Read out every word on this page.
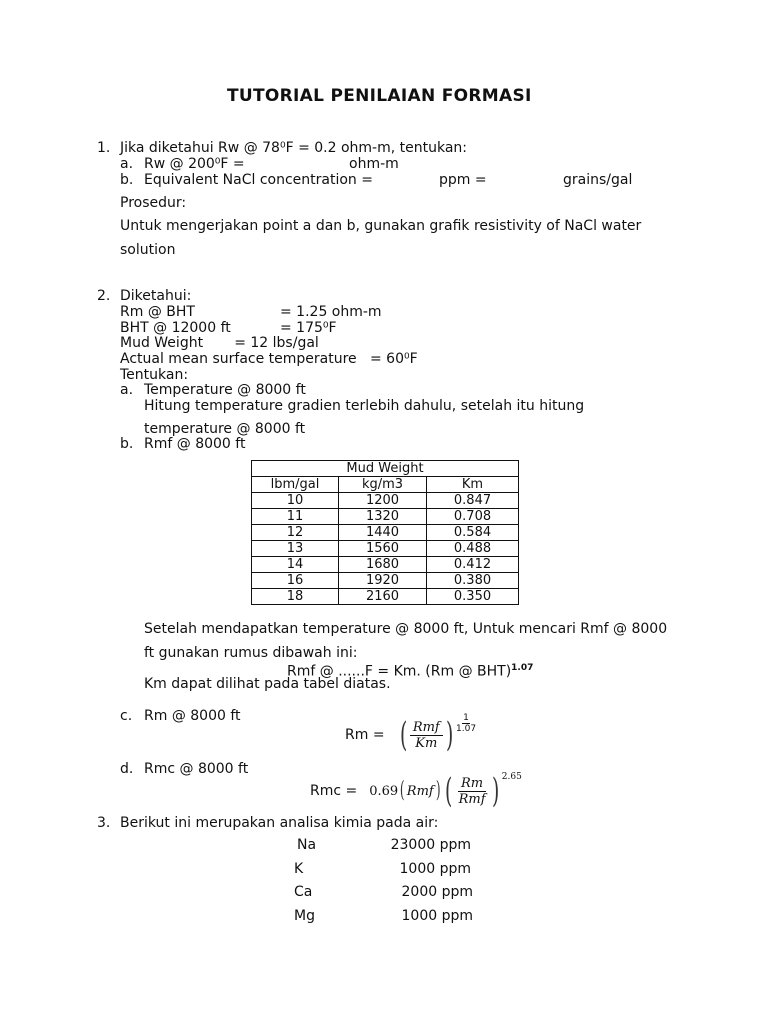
TUTORIAL PENILAIAN FORMASI
1. Jika diketahui Rw @ 78⁰F = 0.2 ohm-m, tentukan:
a. Rw @ 200⁰F =	ohm-m
b. Equivalent NaCl concentration =	ppm =	grains/gal
Prosedur:
Untuk mengerjakan point a dan b, gunakan grafik resistivity of NaCl water
solution
2. Diketahui:
Rm @ BHT	= 1.25 ohm-m
BHT @ 12000 ft	= 175⁰F
Mud Weight       = 12 lbs/gal
Actual mean surface temperature   = 60⁰F
Tentukan:
a. Temperature @ 8000 ft
Hitung temperature gradien terlebih dahulu, setelah itu hitung
temperature @ 8000 ft
b. Rmf @ 8000 ft
Mud Weight		
lbm/gal	kg/m3	Km
10	1200	0.847
11	1320	0.708
12	1440	0.584
13	1560	0.488
14	1680	0.412
16	1920	0.380
18	2160	0.350
Setelah mendapatkan temperature @ 8000 ft, Untuk mencari Rmf @ 8000
ft gunakan rumus dibawah ini:
Rmf @ ......F = Km. (Rm @ BHT)$^{1.07}$
Km dapat dilihat pada tabel diatas.
c. Rm @ 8000 ft
Rm = ( $\frac{\text{Rmf}}{Km}$ ) $\frac{1}{1.07}$
d. Rmc @ 8000 ft
Rmc = 0.69 ( Rmf ) ( $\frac{Rm}{\text{Rmf}}$ ) 2.65
3. Berikut ini merupakan analisa kimia pada air:
Na	23000 ppm
K	1000 ppm
Ca	2000 ppm
Mg	1000 ppm
